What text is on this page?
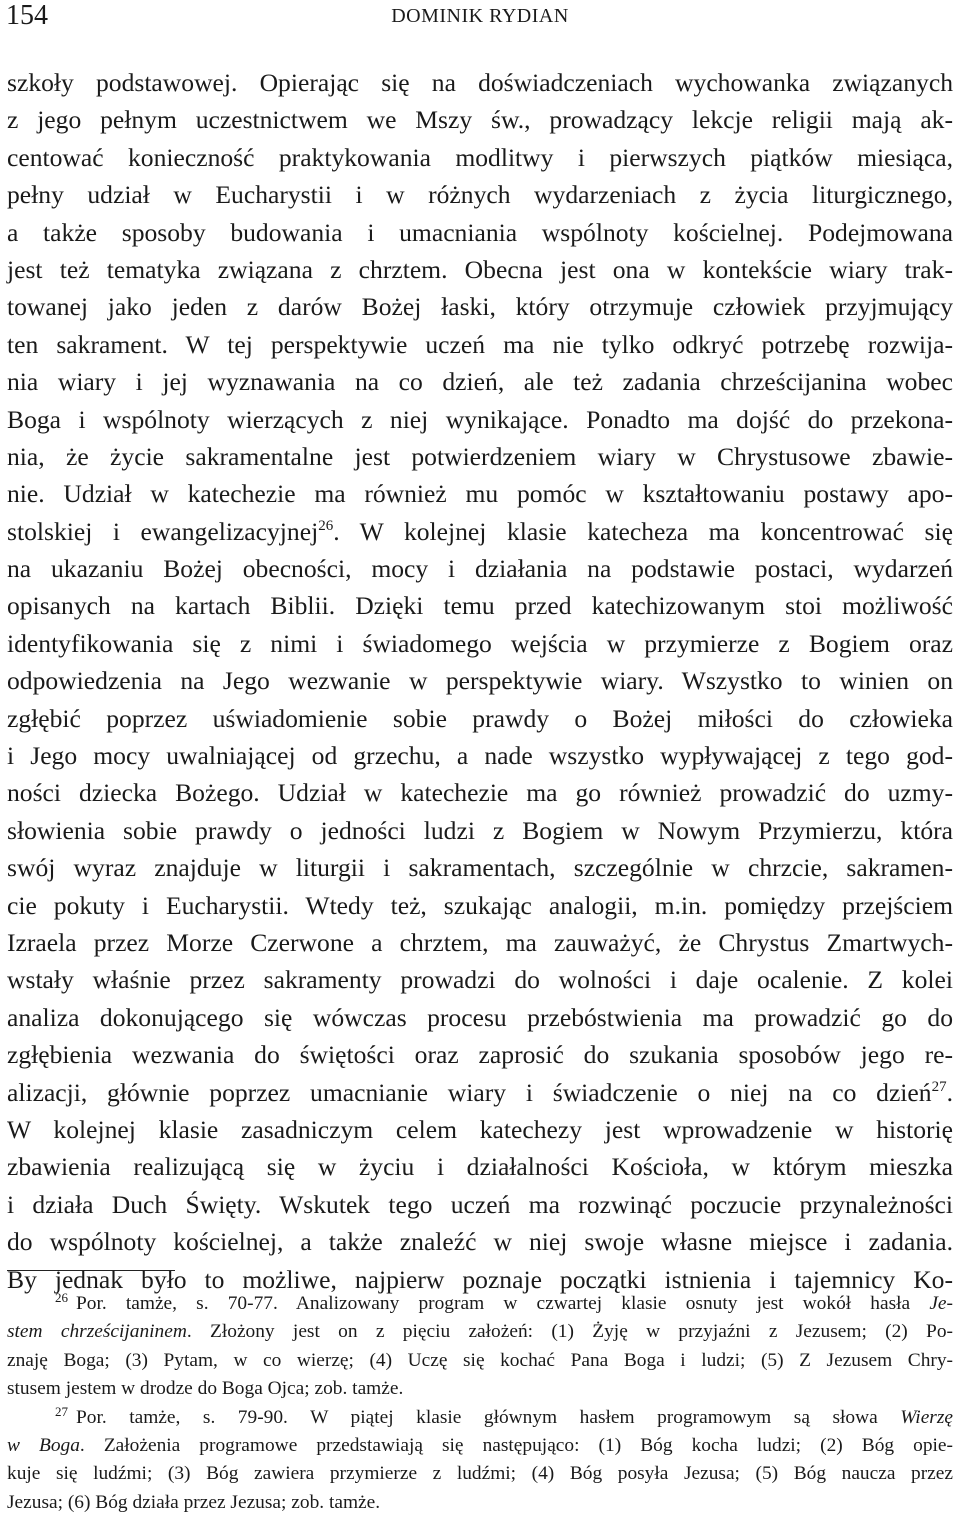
154	DOMINIK RYDIAN
szkoły podstawowej. Opierając się na doświadczeniach wychowanka związanych
z jego pełnym uczestnictwem we Mszy św., prowadzący lekcje religii mają ak-
centować konieczność praktykowania modlitwy i pierwszych piątków miesiąca,
pełny udział w Eucharystii i w różnych wydarzeniach z życia liturgicznego,
a także sposoby budowania i umacniania wspólnoty kościelnej. Podejmowana
jest też tematyka związana z chrztem. Obecna jest ona w kontekście wiary trak-
towanej jako jeden z darów Bożej łaski, który otrzymuje człowiek przyjmujący
ten sakrament. W tej perspektywie uczeń ma nie tylko odkryć potrzebę rozwija-
nia wiary i jej wyznawania na co dzień, ale też zadania chrześcijanina wobec
Boga i wspólnoty wierzących z niej wynikające. Ponadto ma dojść do przekona-
nia, że życie sakramentalne jest potwierdzeniem wiary w Chrystusowe zbawie-
nie. Udział w katechezie ma również mu pomóc w kształtowaniu postawy apo-
stolskiej i ewangelizacyjnej$^{26}$. W kolejnej klasie katecheza ma koncentrować się
na ukazaniu Bożej obecności, mocy i działania na podstawie postaci, wydarzeń
opisanych na kartach Biblii. Dzięki temu przed katechizowanym stoi możliwość
identyfikowania się z nimi i świadomego wejścia w przymierze z Bogiem oraz
odpowiedzenia na Jego wezwanie w perspektywie wiary. Wszystko to winien on
zgłębić poprzez uświadomienie sobie prawdy o Bożej miłości do człowieka
i Jego mocy uwalniającej od grzechu, a nade wszystko wypływającej z tego god-
ności dziecka Bożego. Udział w katechezie ma go również prowadzić do uzmy-
słowienia sobie prawdy o jedności ludzi z Bogiem w Nowym Przymierzu, która
swój wyraz znajduje w liturgii i sakramentach, szczególnie w chrzcie, sakramen-
cie pokuty i Eucharystii. Wtedy też, szukając analogii, m.in. pomiędzy przejściem
Izraela przez Morze Czerwone a chrztem, ma zauważyć, że Chrystus Zmartwych-
wstały właśnie przez sakramenty prowadzi do wolności i daje ocalenie. Z kolei
analiza dokonującego się wówczas procesu przebóstwienia ma prowadzić go do
zgłębienia wezwania do świętości oraz zaprosić do szukania sposobów jego re-
alizacji, głównie poprzez umacnianie wiary i świadczenie o niej na co dzień$^{27}$.
W kolejnej klasie zasadniczym celem katechezy jest wprowadzenie w historię
zbawienia realizującą się w życiu i działalności Kościoła, w którym mieszka
i działa Duch Święty. Wskutek tego uczeń ma rozwinąć poczucie przynależności
do wspólnoty kościelnej, a także znaleźć w niej swoje własne miejsce i zadania.
By jednak było to możliwe, najpierw poznaje początki istnienia i tajemnicy Ko-
$^{26}$ Por. tamże, s. 70-77. Analizowany program w czwartej klasie osnuty jest wokół hasła Je-
stem chrześcijaninem. Złożony jest on z pięciu założeń: (1) Żyję w przyjaźni z Jezusem; (2) Po-
znaję Boga; (3) Pytam, w co wierzę; (4) Uczę się kochać Pana Boga i ludzi; (5) Z Jezusem Chry-
stusem jestem w drodze do Boga Ojca; zob. tamże.
$^{27}$ Por. tamże, s. 79-90. W piątej klasie głównym hasłem programowym są słowa Wierzę
w Boga. Założenia programowe przedstawiają się następująco: (1) Bóg kocha ludzi; (2) Bóg opie-
kuje się ludźmi; (3) Bóg zawiera przymierze z ludźmi; (4) Bóg posyła Jezusa; (5) Bóg naucza przez
Jezusa; (6) Bóg działa przez Jezusa; zob. tamże.
